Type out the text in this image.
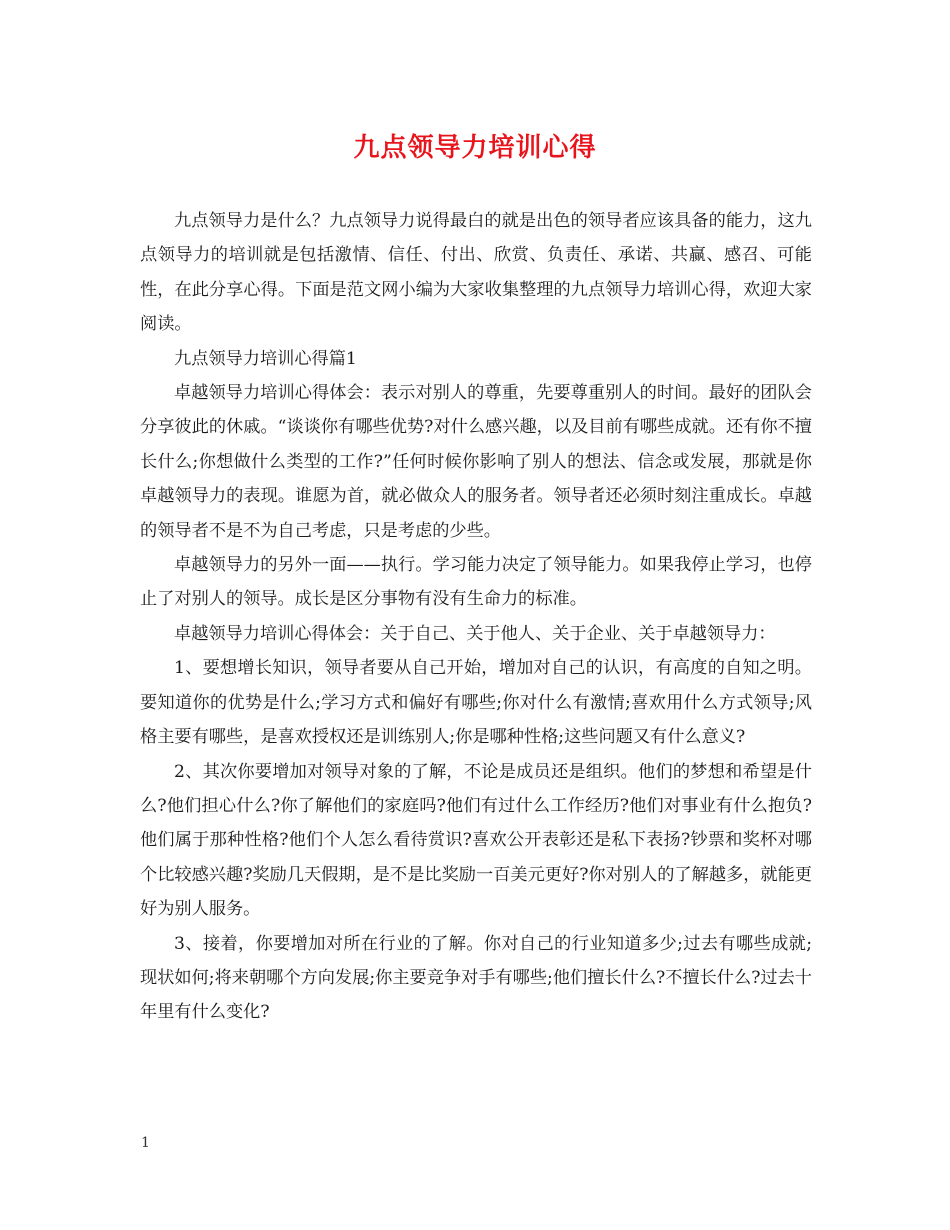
九点领导力培训心得

九点领导力是什么？九点领导力说得最白的就是出色的领导者应该具备的能力，这九点领导力的培训就是包括激情、信任、付出、欣赏、负责任、承诺、共赢、感召、可能性，在此分享心得。下面是范文网小编为大家收集整理的九点领导力培训心得，欢迎大家阅读。

九点领导力培训心得篇1

卓越领导力培训心得体会：表示对别人的尊重，先要尊重别人的时间。最好的团队会分享彼此的休戚。“谈谈你有哪些优势?对什么感兴趣，以及目前有哪些成就。还有你不擅长什么;你想做什么类型的工作?”任何时候你影响了别人的想法、信念或发展，那就是你卓越领导力的表现。谁愿为首，就必做众人的服务者。领导者还必须时刻注重成长。卓越的领导者不是不为自己考虑，只是考虑的少些。

卓越领导力的另外一面——执行。学习能力决定了领导能力。如果我停止学习，也停止了对别人的领导。成长是区分事物有没有生命力的标准。

卓越领导力培训心得体会：关于自己、关于他人、关于企业、关于卓越领导力：

1、要想增长知识，领导者要从自己开始，增加对自己的认识，有高度的自知之明。要知道你的优势是什么;学习方式和偏好有哪些;你对什么有激情;喜欢用什么方式领导;风格主要有哪些，是喜欢授权还是训练别人;你是哪种性格;这些问题又有什么意义?

2、其次你要增加对领导对象的了解，不论是成员还是组织。他们的梦想和希望是什么?他们担心什么?你了解他们的家庭吗?他们有过什么工作经历?他们对事业有什么抱负?他们属于那种性格?他们个人怎么看待赏识?喜欢公开表彰还是私下表扬?钞票和奖杯对哪个比较感兴趣?奖励几天假期，是不是比奖励一百美元更好?你对别人的了解越多，就能更好为别人服务。

3、接着，你要增加对所在行业的了解。你对自己的行业知道多少;过去有哪些成就;现状如何;将来朝哪个方向发展;你主要竞争对手有哪些;他们擅长什么?不擅长什么?过去十年里有什么变化?

1
